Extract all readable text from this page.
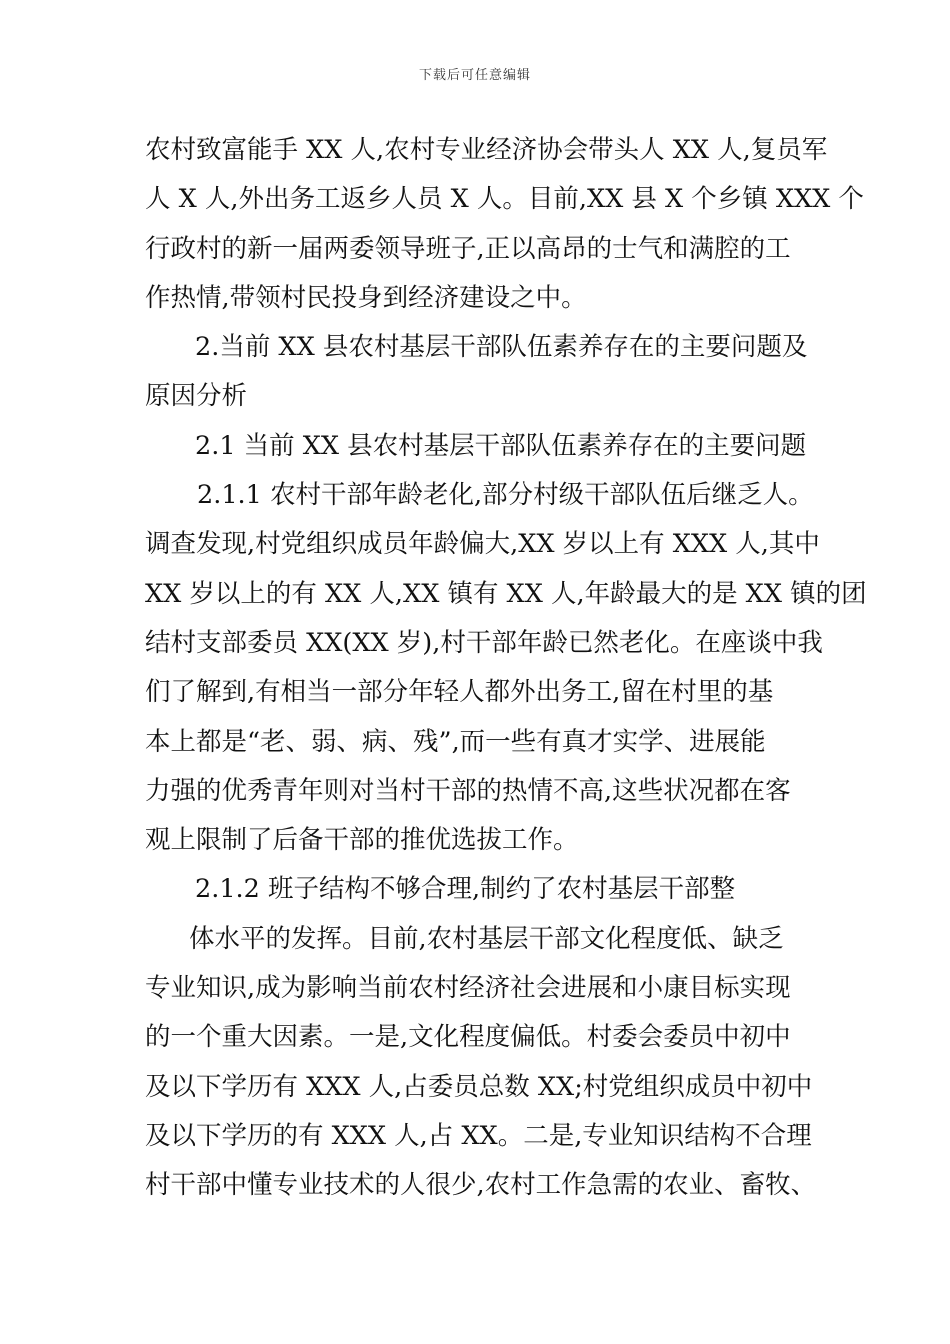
下载后可任意编辑
农村致富能手 XX 人,农村专业经济协会带头人 XX 人,复员军
人 X 人,外出务工返乡人员 X 人。目前,XX 县 X 个乡镇 XXX 个
行政村的新一届两委领导班子,正以高昂的士气和满腔的工
作热情,带领村民投身到经济建设之中。
2.当前 XX 县农村基层干部队伍素养存在的主要问题及
原因分析
2.1 当前 XX 县农村基层干部队伍素养存在的主要问题
2.1.1 农村干部年龄老化,部分村级干部队伍后继乏人。
调查发现,村党组织成员年龄偏大,XX 岁以上有 XXX 人,其中
XX 岁以上的有 XX 人,XX 镇有 XX 人,年龄最大的是 XX 镇的团
结村支部委员 XX(XX 岁),村干部年龄已然老化。在座谈中我
们了解到,有相当一部分年轻人都外出务工,留在村里的基
本上都是“老、弱、病、残”,而一些有真才实学、进展能
力强的优秀青年则对当村干部的热情不高,这些状况都在客
观上限制了后备干部的推优选拔工作。
2.1.2 班子结构不够合理,制约了农村基层干部整
体水平的发挥。目前,农村基层干部文化程度低、缺乏
专业知识,成为影响当前农村经济社会进展和小康目标实现
的一个重大因素。一是,文化程度偏低。村委会委员中初中
及以下学历有 XXX 人,占委员总数 XX;村党组织成员中初中
及以下学历的有 XXX 人,占 XX。二是,专业知识结构不合理
村干部中懂专业技术的人很少,农村工作急需的农业、畜牧、
